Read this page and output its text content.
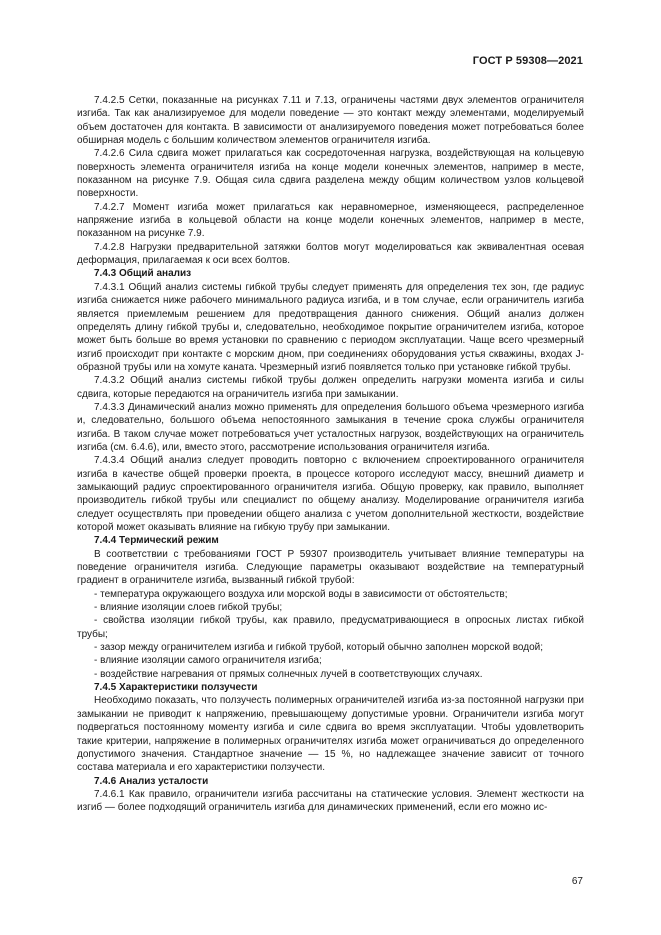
ГОСТ Р 59308—2021

7.4.2.5 Сетки, показанные на рисунках 7.11 и 7.13, ограничены частями двух элементов ограничителя изгиба. Так как анализируемое для модели поведение — это контакт между элементами, моделируемый объем достаточен для контакта. В зависимости от анализируемого поведения может потребоваться более обширная модель с большим количеством элементов ограничителя изгиба.

7.4.2.6 Сила сдвига может прилагаться как сосредоточенная нагрузка, воздействующая на кольцевую поверхность элемента ограничителя изгиба на конце модели конечных элементов, например в месте, показанном на рисунке 7.9. Общая сила сдвига разделена между общим количеством узлов кольцевой поверхности.

7.4.2.7 Момент изгиба может прилагаться как неравномерное, изменяющееся, распределенное напряжение изгиба в кольцевой области на конце модели конечных элементов, например в месте, показанном на рисунке 7.9.

7.4.2.8 Нагрузки предварительной затяжки болтов могут моделироваться как эквивалентная осевая деформация, прилагаемая к оси всех болтов.

7.4.3 Общий анализ

7.4.3.1 Общий анализ системы гибкой трубы следует применять для определения тех зон, где радиус изгиба снижается ниже рабочего минимального радиуса изгиба, и в том случае, если ограничитель изгиба является приемлемым решением для предотвращения данного снижения. Общий анализ должен определять длину гибкой трубы и, следовательно, необходимое покрытие ограничителем изгиба, которое может быть больше во время установки по сравнению с периодом эксплуатации. Чаще всего чрезмерный изгиб происходит при контакте с морским дном, при соединениях оборудования устья скважины, входах J-образной трубы или на хомуте каната. Чрезмерный изгиб появляется только при установке гибкой трубы.

7.4.3.2 Общий анализ системы гибкой трубы должен определить нагрузки момента изгиба и силы сдвига, которые передаются на ограничитель изгиба при замыкании.

7.4.3.3 Динамический анализ можно применять для определения большого объема чрезмерного изгиба и, следовательно, большого объема непостоянного замыкания в течение срока службы ограничителя изгиба. В таком случае может потребоваться учет усталостных нагрузок, воздействующих на ограничитель изгиба (см. 6.4.6), или, вместо этого, рассмотрение использования ограничителя изгиба.

7.4.3.4 Общий анализ следует проводить повторно с включением спроектированного ограничителя изгиба в качестве общей проверки проекта, в процессе которого исследуют массу, внешний диаметр и замыкающий радиус спроектированного ограничителя изгиба. Общую проверку, как правило, выполняет производитель гибкой трубы или специалист по общему анализу. Моделирование ограничителя изгиба следует осуществлять при проведении общего анализа с учетом дополнительной жесткости, воздействие которой может оказывать влияние на гибкую трубу при замыкании.

7.4.4 Термический режим

В соответствии с требованиями ГОСТ Р 59307 производитель учитывает влияние температуры на поведение ограничителя изгиба. Следующие параметры оказывают воздействие на температурный градиент в ограничителе изгиба, вызванный гибкой трубой:

- температура окружающего воздуха или морской воды в зависимости от обстоятельств;

- влияние изоляции слоев гибкой трубы;

- свойства изоляции гибкой трубы, как правило, предусматривающиеся в опросных листах гибкой трубы;

- зазор между ограничителем изгиба и гибкой трубой, который обычно заполнен морской водой;

- влияние изоляции самого ограничителя изгиба;

- воздействие нагревания от прямых солнечных лучей в соответствующих случаях.

7.4.5 Характеристики ползучести

Необходимо показать, что ползучесть полимерных ограничителей изгиба из-за постоянной нагрузки при замыкании не приводит к напряжению, превышающему допустимые уровни. Ограничители изгиба могут подвергаться постоянному моменту изгиба и силе сдвига во время эксплуатации. Чтобы удовлетворить такие критерии, напряжение в полимерных ограничителях изгиба может ограничиваться до определенного допустимого значения. Стандартное значение — 15 %, но надлежащее значение зависит от точного состава материала и его характеристики ползучести.

7.4.6 Анализ усталости

7.4.6.1 Как правило, ограничители изгиба рассчитаны на статические условия. Элемент жесткости на изгиб — более подходящий ограничитель изгиба для динамических применений, если его можно ис-

67
